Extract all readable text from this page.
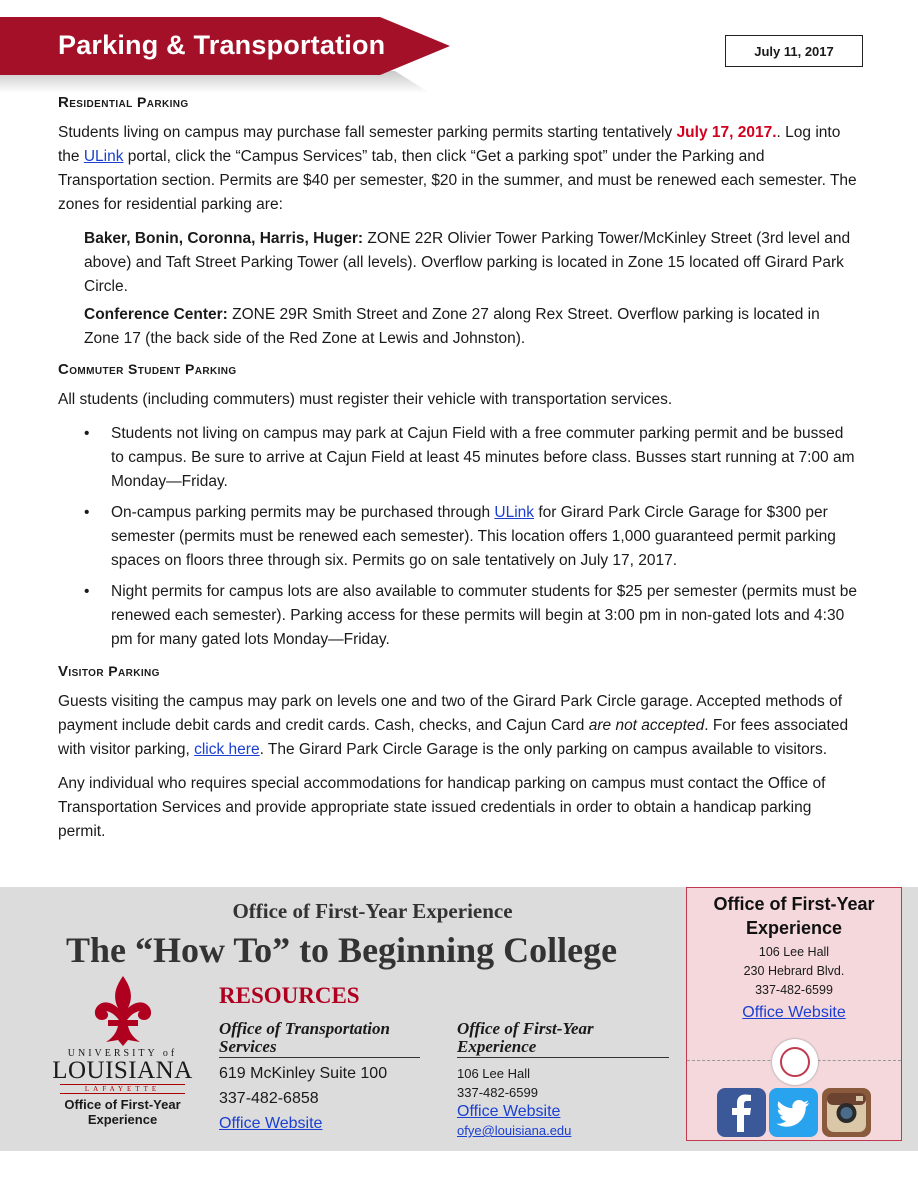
Parking & Transportation	July 11, 2017
Residential Parking

Students living on campus may purchase fall semester parking permits starting tentatively July 17, 2017.. Log into the ULink portal, click the “Campus Services” tab, then click “Get a parking spot” under the Parking and Transportation section. Permits are $40 per semester, $20 in the summer, and must be renewed each semester. The zones for residential parking are:

Baker, Bonin, Coronna, Harris, Huger: ZONE 22R Olivier Tower Parking Tower/McKinley Street (3rd level and above) and Taft Street Parking Tower (all levels). Overflow parking is located in Zone 15 located off Girard Park Circle.

Conference Center: ZONE 29R Smith Street and Zone 27 along Rex Street. Overflow parking is located in Zone 17 (the back side of the Red Zone at Lewis and Johnston).

Commuter Student Parking

All students (including commuters) must register their vehicle with transportation services.

• Students not living on campus may park at Cajun Field with a free commuter parking permit and be bussed to campus. Be sure to arrive at Cajun Field at least 45 minutes before class. Busses start running at 7:00 am Monday—Friday.
• On-campus parking permits may be purchased through ULink for Girard Park Circle Garage for $300 per semester (permits must be renewed each semester). This location offers 1,000 guaranteed permit parking spaces on floors three through six. Permits go on sale tentatively on July 17, 2017.
• Night permits for campus lots are also available to commuter students for $25 per semester (permits must be renewed each semester). Parking access for these permits will begin at 3:00 pm in non-gated lots and 4:30 pm for many gated lots Monday—Friday.
Visitor Parking

Guests visiting the campus may park on levels one and two of the Girard Park Circle garage. Accepted methods of payment include debit cards and credit cards. Cash, checks, and Cajun Card are not accepted. For fees associated with visitor parking, click here. The Girard Park Circle Garage is the only parking on campus available to visitors.

Any individual who requires special accommodations for handicap parking on campus must contact the Office of Transportation Services and provide appropriate state issued credentials in order to obtain a handicap parking permit.

Office of First-Year Experience
The “How To” to Beginning College
UNIVERSITY of
LOUISIANA
LAFAYETTE
Office of First-Year
Experience
RESOURCES
Office of Transportation Services
619 McKinley Suite 100
337-482-6858
Office Website
Office of First-Year Experience
106 Lee Hall
337-482-6599
Office Website
ofye@louisiana.edu
Office of First-Year Experience
106 Lee Hall
230 Hebrard Blvd.
337-482-6599
Office Website
